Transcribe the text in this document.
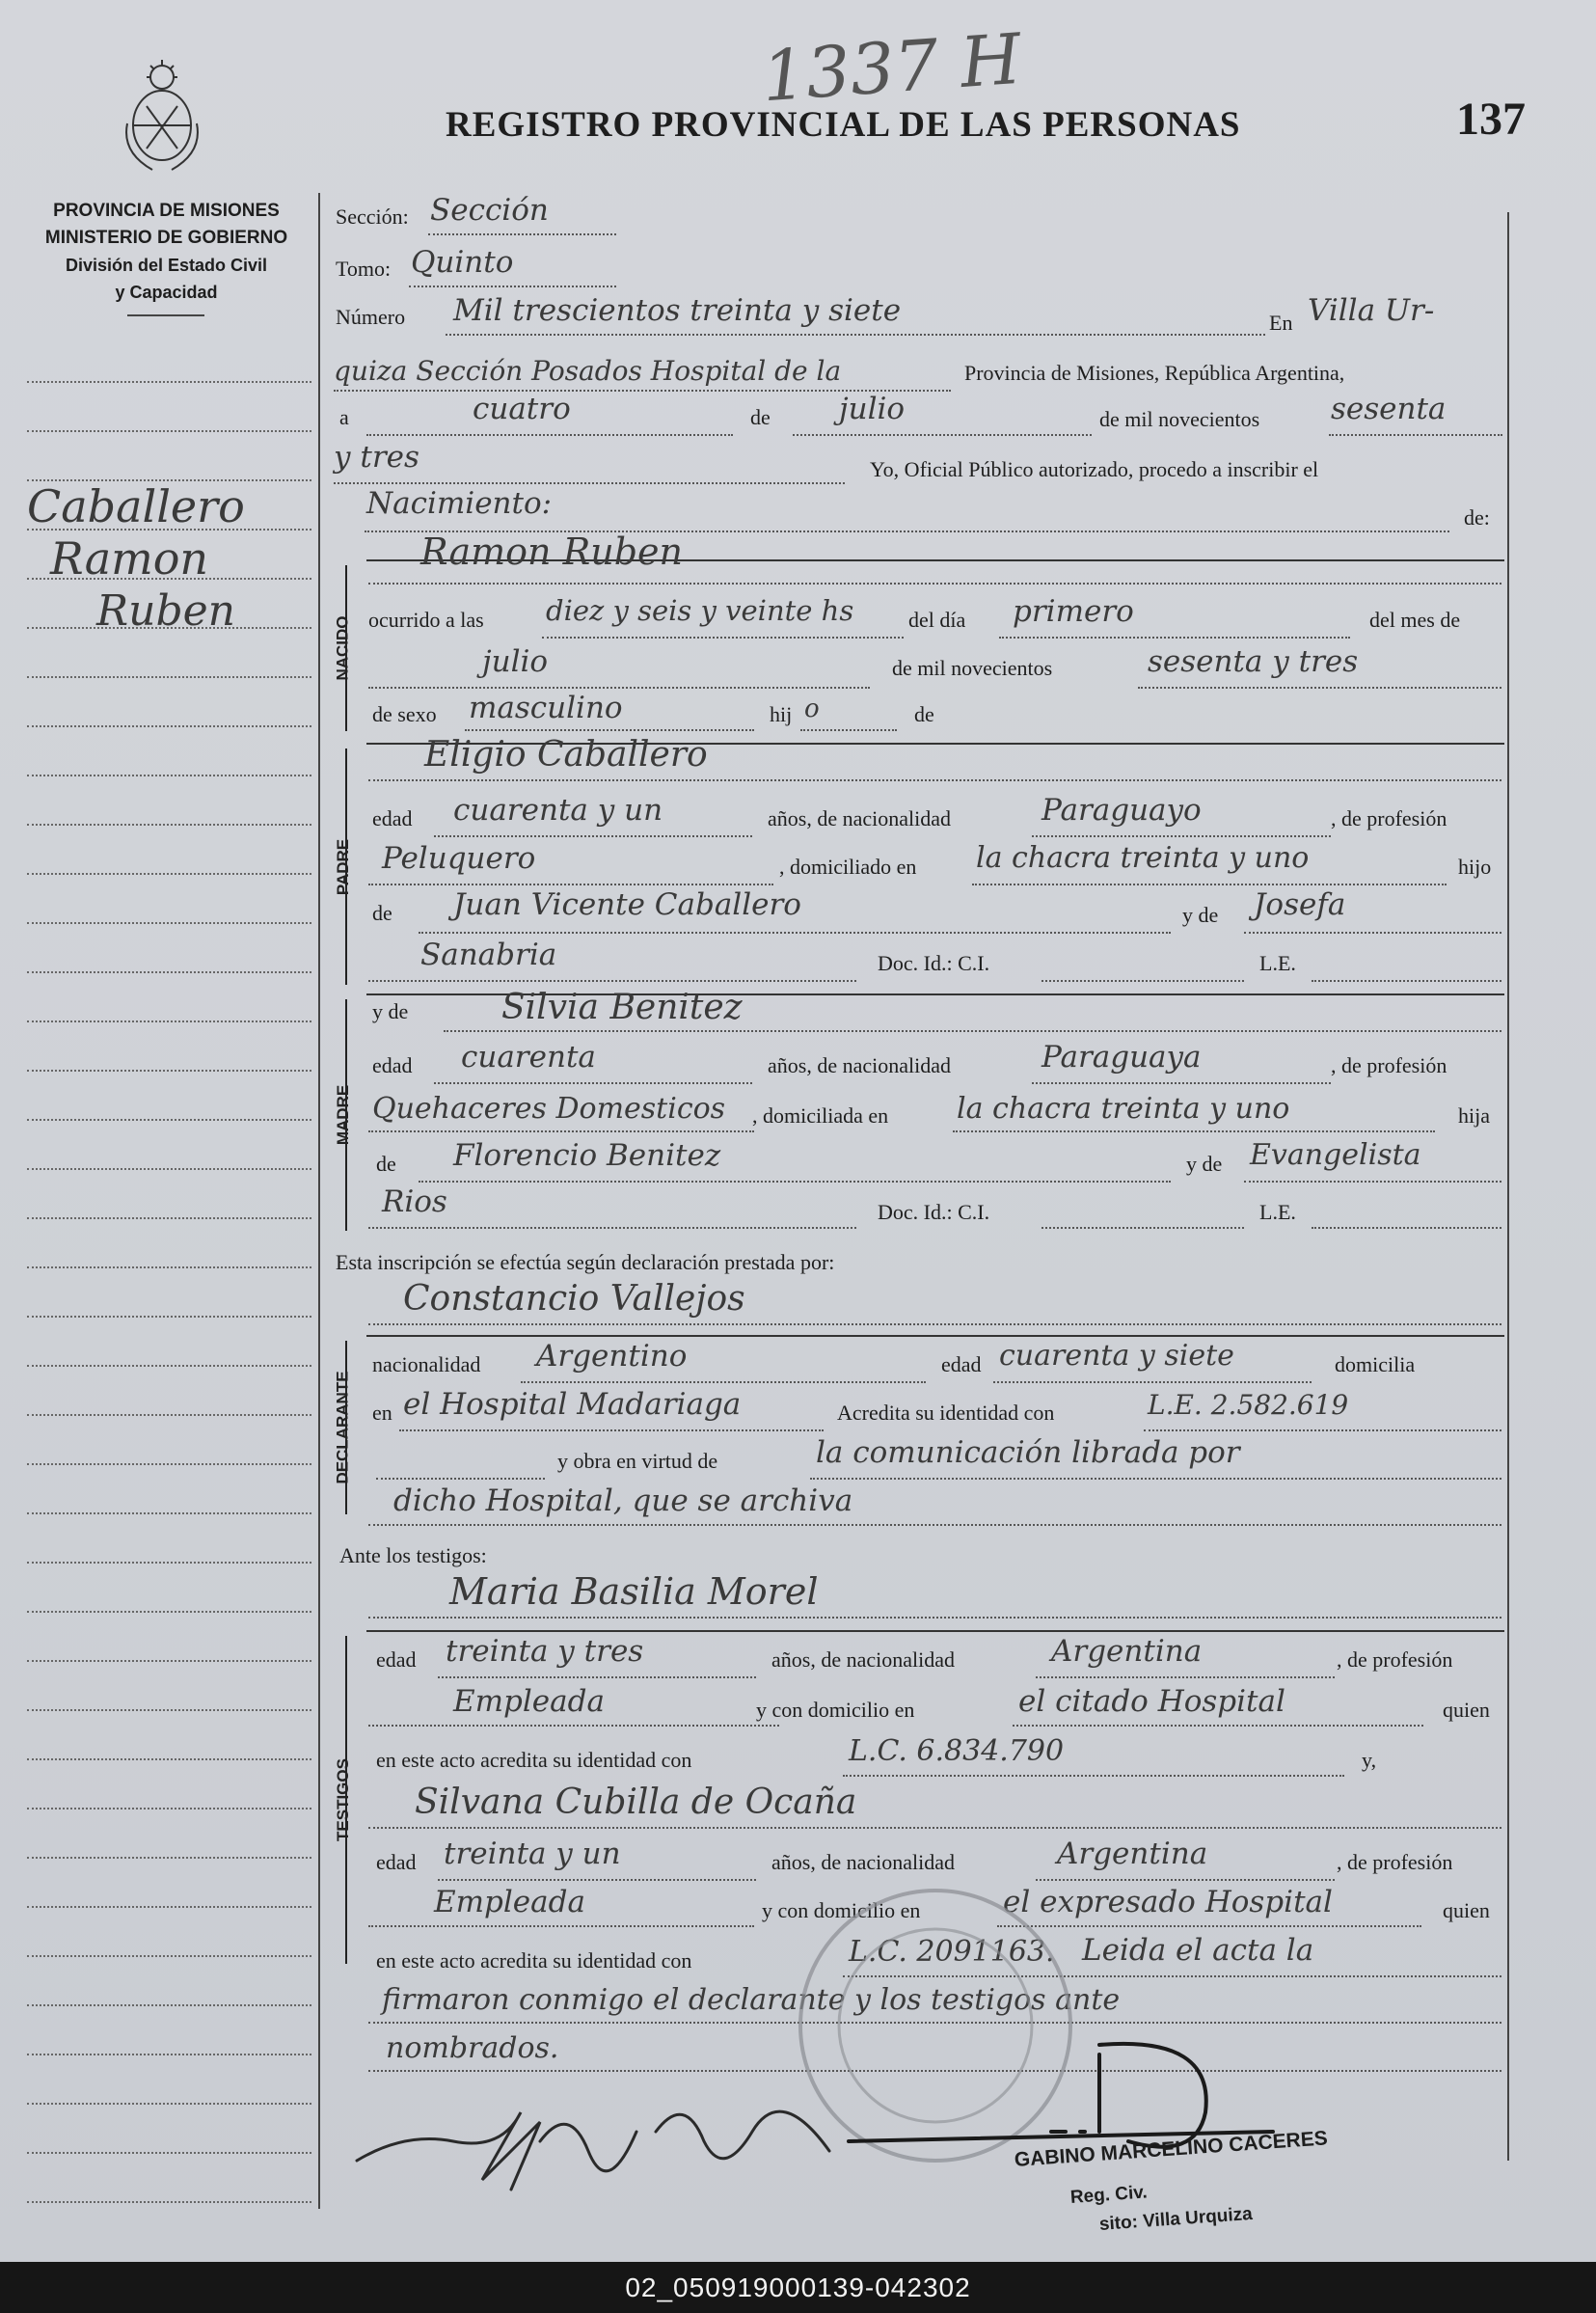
REGISTRO PROVINCIAL DE LAS PERSONAS	137
1337 H
PROVINCIA DE MISIONES
MINISTERIO DE GOBIERNO
División del Estado Civil
y Capacidad
Caballero
Ramon
Ruben
Sección: Sección
Tomo: Quinto
Número Mil trescientos treinta y siete	En Villa Ur-
quiza Sección Posados Hospital de la	Provincia de Misiones, República Argentina,
a	cuatro	de julio	de mil novecientos sesenta
y tres	Yo, Oficial Público autorizado, procedo a inscribir el
Nacimiento:	de:
NACIDO
Ramon Ruben
ocurrido a las diez y seis y veinte hs	del día primero	del mes de
julio	de mil novecientos	sesenta y tres
de sexo masculino	hij o	de
PADRE
Eligio Caballero
edad cuarenta y un	años, de nacionalidad	Paraguayo	, de profesión
Peluquero	, domiciliado en la chacra treinta y uno	hijo
de Juan Vicente Caballero	y de Josefa
Sanabria	Doc. Id.: C.I.	L.E.
MADRE
y de	Silvia Benitez
edad cuarenta	años, de nacionalidad	Paraguaya	, de profesión
Quehaceres Domesticos , domiciliada en la chacra treinta y uno	hija
de Florencio Benitez	y de Evangelista
Rios	Doc. Id.: C.I.	L.E.
Esta inscripción se efectúa según declaración prestada por:
Constancio Vallejos
DECLARANTE
nacionalidad Argentino	edad cuarenta y siete	domicilia
en el Hospital Madariaga	Acredita su identidad con	L.E. 2.582.619
y obra en virtud de	la comunicación librada por
dicho Hospital, que se archiva
Ante los testigos:
Maria Basilia Morel
TESTIGOS
edad treinta y tres	años, de nacionalidad	Argentina	, de profesión
Empleada	y con domicilio en	el citado Hospital	quien
en este acto acredita su identidad con	L.C. 6.834.790	y,
Silvana Cubilla de Ocaña
edad treinta y un	años, de nacionalidad	Argentina	, de profesión
Empleada	y con domicilio en	el expresado Hospital	quien
en este acto acredita su identidad con	L.C. 2091163. Leida el acta la
firmaron conmigo el declarante y los testigos ante
nombrados.
GABINO MARCELINO CACERES
Reg. Civ.
sito: Villa Urquiza
02_050919000139-042302
